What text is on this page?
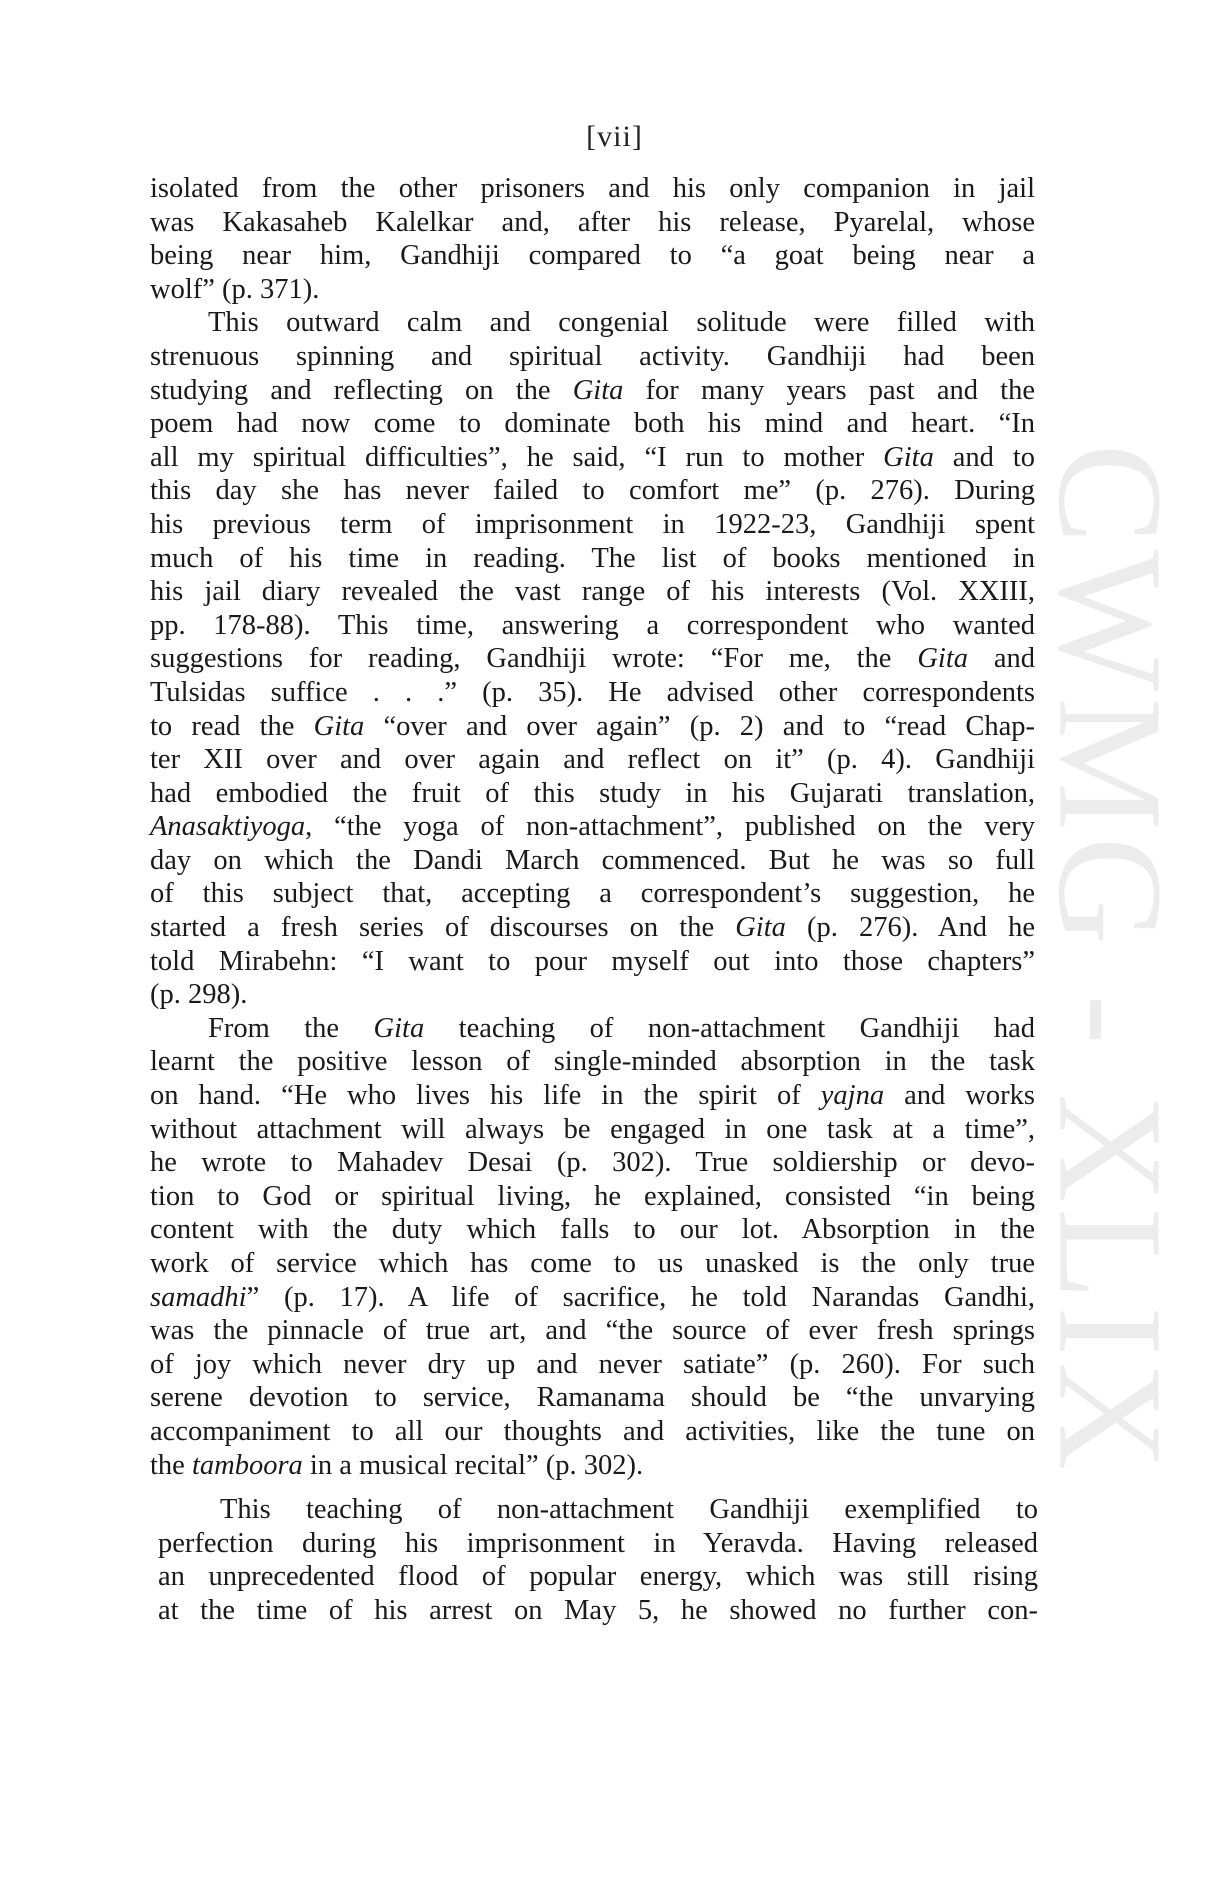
CWMG - XLIX
[vii]
isolated from the other prisoners and his only companion in jail
was Kakasaheb Kalelkar and, after his release, Pyarelal, whose
being near him, Gandhiji compared to “a goat being near a
wolf” (p. 371).
This outward calm and congenial solitude were filled with
strenuous spinning and spiritual activity. Gandhiji had been
studying and reflecting on the Gita for many years past and the
poem had now come to dominate both his mind and heart. “In
all my spiritual difficulties”, he said, “I run to mother Gita and to
this day she has never failed to comfort me” (p. 276). During
his previous term of imprisonment in 1922-23, Gandhiji spent
much of his time in reading. The list of books mentioned in
his jail diary revealed the vast range of his interests (Vol. XXIII,
pp. 178-88). This time, answering a correspondent who wanted
suggestions for reading, Gandhiji wrote: “For me, the Gita and
Tulsidas suffice . . .” (p. 35). He advised other correspondents
to read the Gita “over and over again” (p. 2) and to “read Chap-
ter XII over and over again and reflect on it” (p. 4). Gandhiji
had embodied the fruit of this study in his Gujarati translation,
Anasaktiyoga, “the yoga of non-attachment”, published on the very
day on which the Dandi March commenced. But he was so full
of this subject that, accepting a correspondent’s suggestion, he
started a fresh series of discourses on the Gita (p. 276). And he
told Mirabehn: “I want to pour myself out into those chapters”
(p. 298).
From the Gita teaching of non-attachment Gandhiji had
learnt the positive lesson of single-minded absorption in the task
on hand. “He who lives his life in the spirit of yajna and works
without attachment will always be engaged in one task at a time”,
he wrote to Mahadev Desai (p. 302). True soldiership or devo-
tion to God or spiritual living, he explained, consisted “in being
content with the duty which falls to our lot. Absorption in the
work of service which has come to us unasked is the only true
samadhi” (p. 17). A life of sacrifice, he told Narandas Gandhi,
was the pinnacle of true art, and “the source of ever fresh springs
of joy which never dry up and never satiate” (p. 260). For such
serene devotion to service, Ramanama should be “the unvarying
accompaniment to all our thoughts and activities, like the tune on
the tamboora in a musical recital” (p. 302).
This teaching of non-attachment Gandhiji exemplified to
perfection during his imprisonment in Yeravda. Having released
an unprecedented flood of popular energy, which was still rising
at the time of his arrest on May 5, he showed no further con-
